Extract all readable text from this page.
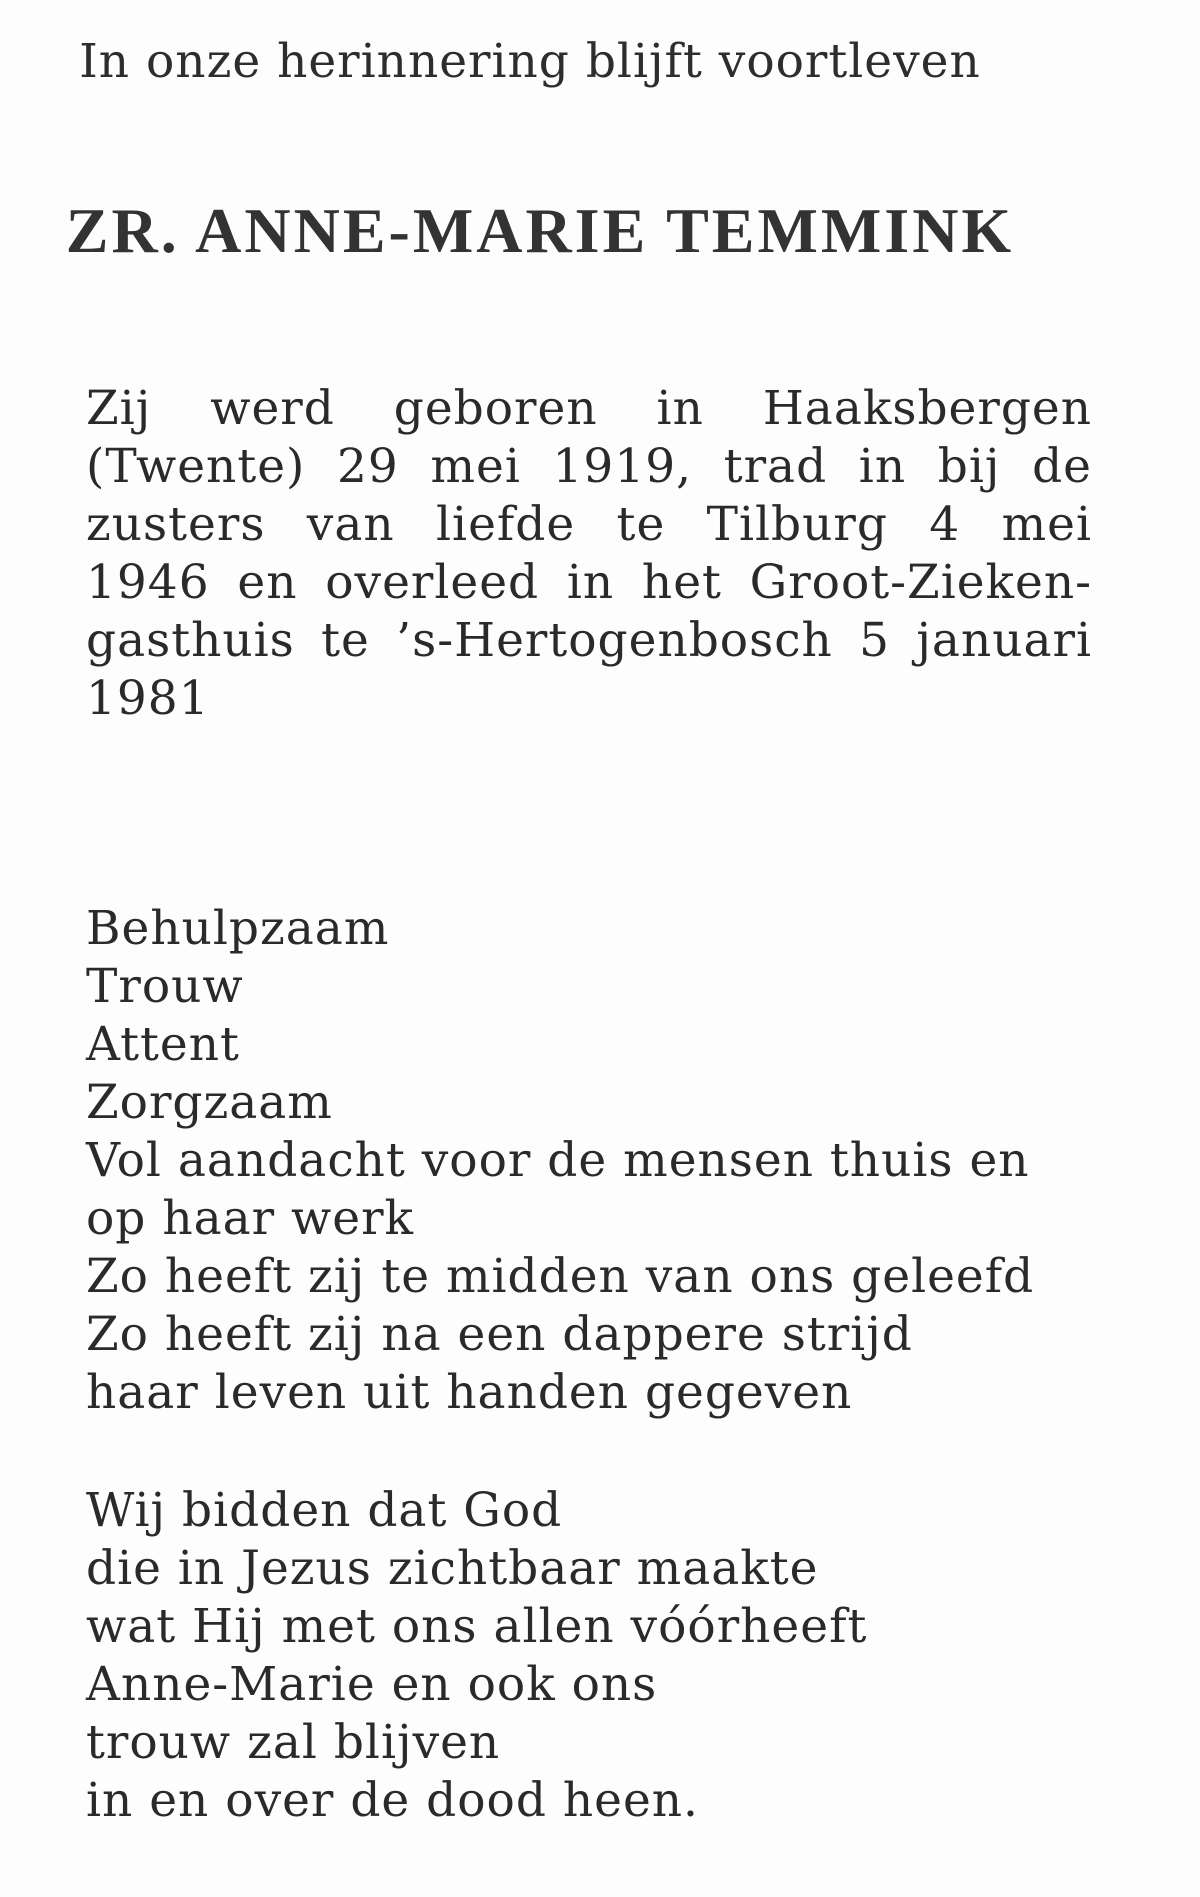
In onze herinnering blijft voortleven
ZR. ANNE-MARIE TEMMINK
Zij werd geboren in Haaksbergen
(Twente) 29 mei 1919, trad in bij de
zusters van liefde te Tilburg 4 mei
1946 en overleed in het Groot-Zieken-
gasthuis te ’s-Hertogenbosch 5 januari
1981
Behulpzaam
Trouw
Attent
Zorgzaam
Vol aandacht voor de mensen thuis en
op haar werk
Zo heeft zij te midden van ons geleefd
Zo heeft zij na een dappere strijd
haar leven uit handen gegeven
Wij bidden dat God
die in Jezus zichtbaar maakte
wat Hij met ons allen vóórheeft
Anne-Marie en ook ons
trouw zal blijven
in en over de dood heen.
